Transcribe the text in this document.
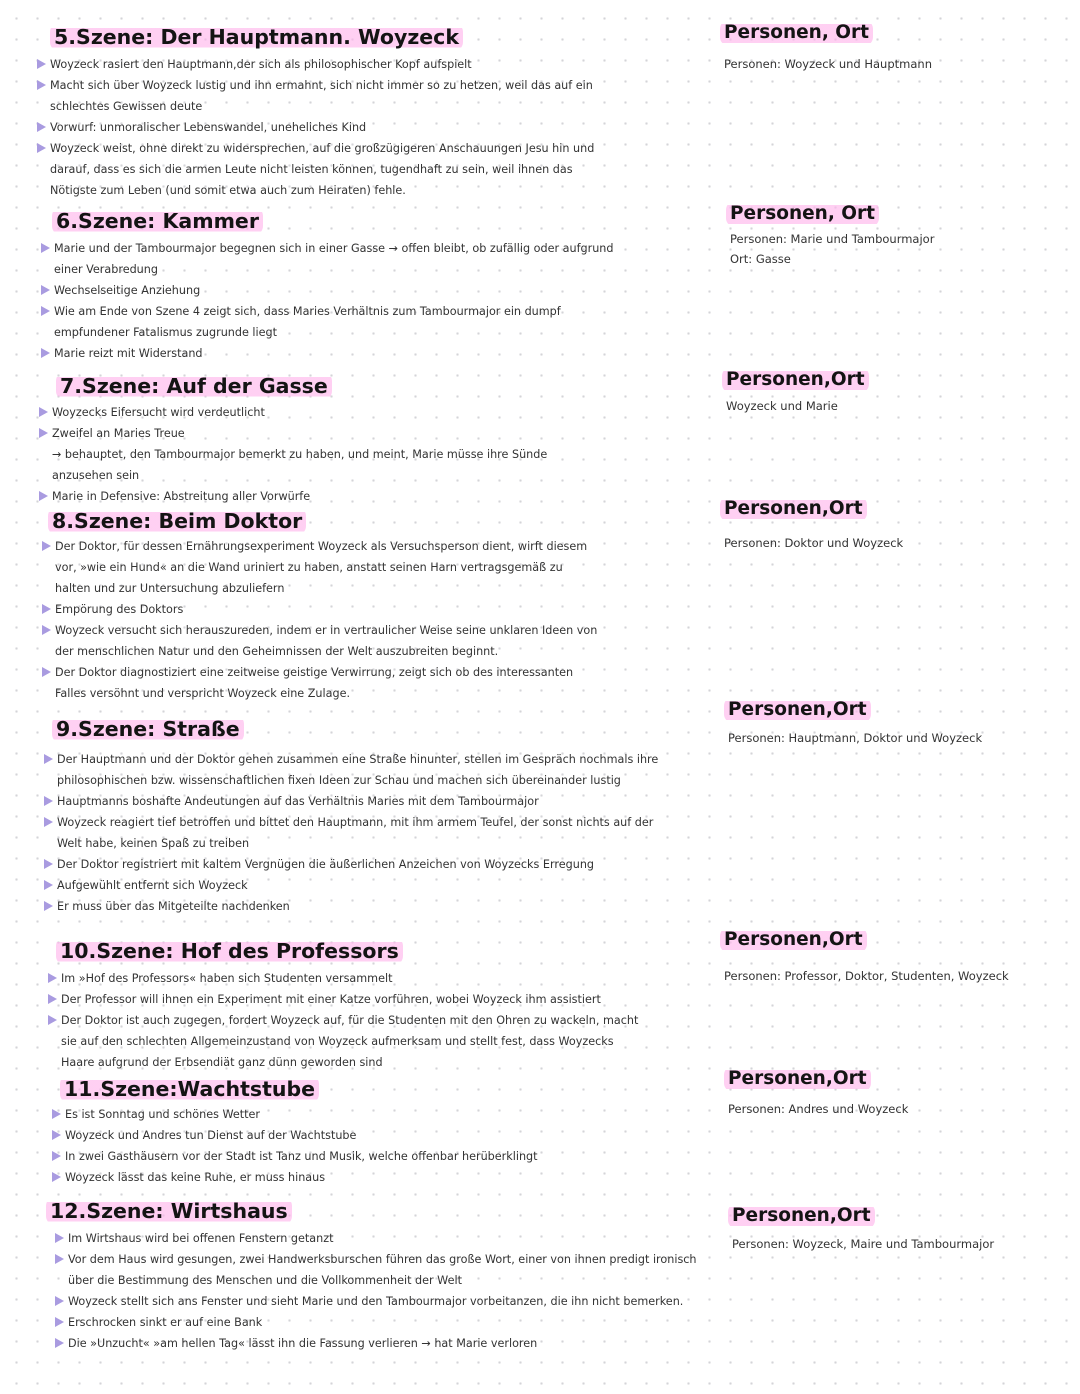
5.Szene: Der Hauptmann. Woyzeck
Woyzeck rasiert den Hauptmann,der sich als philosophischer Kopf aufspielt
Macht sich über Woyzeck lustig und ihn ermahnt, sich nicht immer so zu hetzen, weil das auf ein
schlechtes Gewissen deute
Vorwurf: unmoralischer Lebenswandel, uneheliches Kind
Woyzeck weist, ohne direkt zu widersprechen, auf die großzügigeren Anschauungen Jesu hin und
darauf, dass es sich die armen Leute nicht leisten können, tugendhaft zu sein, weil ihnen das
Nötigste zum Leben (und somit etwa auch zum Heiraten) fehle.
Personen, Ort
Personen: Woyzeck und Hauptmann
6.Szene: Kammer
Marie und der Tambourmajor begegnen sich in einer Gasse → offen bleibt, ob zufällig oder aufgrund
einer Verabredung
Wechselseitige Anziehung
Wie am Ende von Szene 4 zeigt sich, dass Maries Verhältnis zum Tambourmajor ein dumpf
empfundener Fatalismus zugrunde liegt
Marie reizt mit Widerstand
Personen, Ort
Personen: Marie und Tambourmajor
Ort: Gasse
7.Szene: Auf der Gasse
Woyzecks Eifersucht wird verdeutlicht
Zweifel an Maries Treue
→ behauptet, den Tambourmajor bemerkt zu haben, und meint, Marie müsse ihre Sünde
anzusehen sein
Marie in Defensive: Abstreitung aller Vorwürfe
Personen,Ort
Woyzeck und Marie
8.Szene: Beim Doktor
Der Doktor, für dessen Ernährungsexperiment Woyzeck als Versuchsperson dient, wirft diesem
vor, »wie ein Hund« an die Wand uriniert zu haben, anstatt seinen Harn vertragsgemäß zu
halten und zur Untersuchung abzuliefern
Empörung des Doktors
Woyzeck versucht sich herauszureden, indem er in vertraulicher Weise seine unklaren Ideen von
der menschlichen Natur und den Geheimnissen der Welt auszubreiten beginnt.
Der Doktor diagnostiziert eine zeitweise geistige Verwirrung, zeigt sich ob des interessanten
Falles versöhnt und verspricht Woyzeck eine Zulage.
Personen,Ort
Personen: Doktor und Woyzeck
9.Szene: Straße
Der Hauptmann und der Doktor gehen zusammen eine Straße hinunter, stellen im Gespräch nochmals ihre
philosophischen bzw. wissenschaftlichen fixen Ideen zur Schau und machen sich übereinander lustig
Hauptmanns boshafte Andeutungen auf das Verhältnis Maries mit dem Tambourmajor
Woyzeck reagiert tief betroffen und bittet den Hauptmann, mit ihm armem Teufel, der sonst nichts auf der
Welt habe, keinen Spaß zu treiben
Der Doktor registriert mit kaltem Vergnügen die äußerlichen Anzeichen von Woyzecks Erregung
Aufgewühlt entfernt sich Woyzeck
Er muss über das Mitgeteilte nachdenken
Personen,Ort
Personen: Hauptmann, Doktor und Woyzeck
10.Szene: Hof des Professors
Im »Hof des Professors« haben sich Studenten versammelt
Der Professor will ihnen ein Experiment mit einer Katze vorführen, wobei Woyzeck ihm assistiert
Der Doktor ist auch zugegen, fordert Woyzeck auf, für die Studenten mit den Ohren zu wackeln, macht
sie auf den schlechten Allgemeinzustand von Woyzeck aufmerksam und stellt fest, dass Woyzecks
Haare aufgrund der Erbsendiät ganz dünn geworden sind
Personen,Ort
Personen: Professor, Doktor, Studenten, Woyzeck
11.Szene:Wachtstube
Es ist Sonntag und schönes Wetter
Woyzeck und Andres tun Dienst auf der Wachtstube
In zwei Gasthäusern vor der Stadt ist Tanz und Musik, welche offenbar herüberklingt
Woyzeck lässt das keine Ruhe, er muss hinaus
Personen,Ort
Personen: Andres und Woyzeck
12.Szene: Wirtshaus
Im Wirtshaus wird bei offenen Fenstern getanzt
Vor dem Haus wird gesungen, zwei Handwerksburschen führen das große Wort, einer von ihnen predigt ironisch
über die Bestimmung des Menschen und die Vollkommenheit der Welt
Woyzeck stellt sich ans Fenster und sieht Marie und den Tambourmajor vorbeitanzen, die ihn nicht bemerken.
Erschrocken sinkt er auf eine Bank
Die »Unzucht« »am hellen Tag« lässt ihn die Fassung verlieren → hat Marie verloren
Personen,Ort
Personen: Woyzeck, Maire und Tambourmajor
